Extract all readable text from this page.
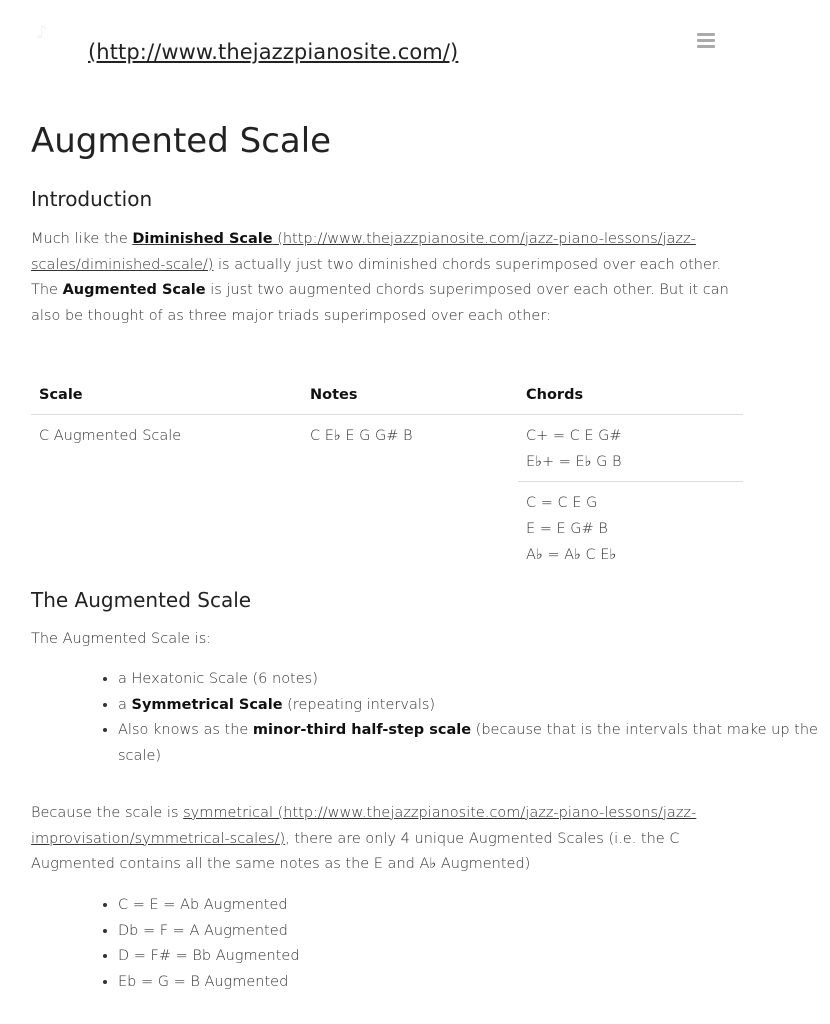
♪
(http://www.thejazzpianosite.com/)
Augmented Scale
Introduction

Much like the Diminished Scale (http://www.thejazzpianosite.com/jazz-piano-lessons/jazz-scales/diminished-scale/) is actually just two diminished chords superimposed over each other. The Augmented Scale is just two augmented chords superimposed over each other. But it can also be thought of as three major triads superimposed over each other:

Scale	Notes	Chords
C Augmented Scale	C E♭ E G G# B	C+ = C E G#
E♭+ = E♭ G B

		C = C E G
E = E G# B
A♭ = A♭ C E♭
The Augmented Scale

The Augmented Scale is:

• a Hexatonic Scale (6 notes)
• a Symmetrical Scale (repeating intervals)
• Also knows as the minor-third half-step scale (because that is the intervals that make up the scale)

Because the scale is symmetrical (http://www.thejazzpianosite.com/jazz-piano-lessons/jazz-improvisation/symmetrical-scales/), there are only 4 unique Augmented Scales (i.e. the C Augmented contains all the same notes as the E and A♭ Augmented)

• C = E = Ab Augmented
• Db = F = A Augmented
• D = F# = Bb Augmented
• Eb = G = B Augmented
